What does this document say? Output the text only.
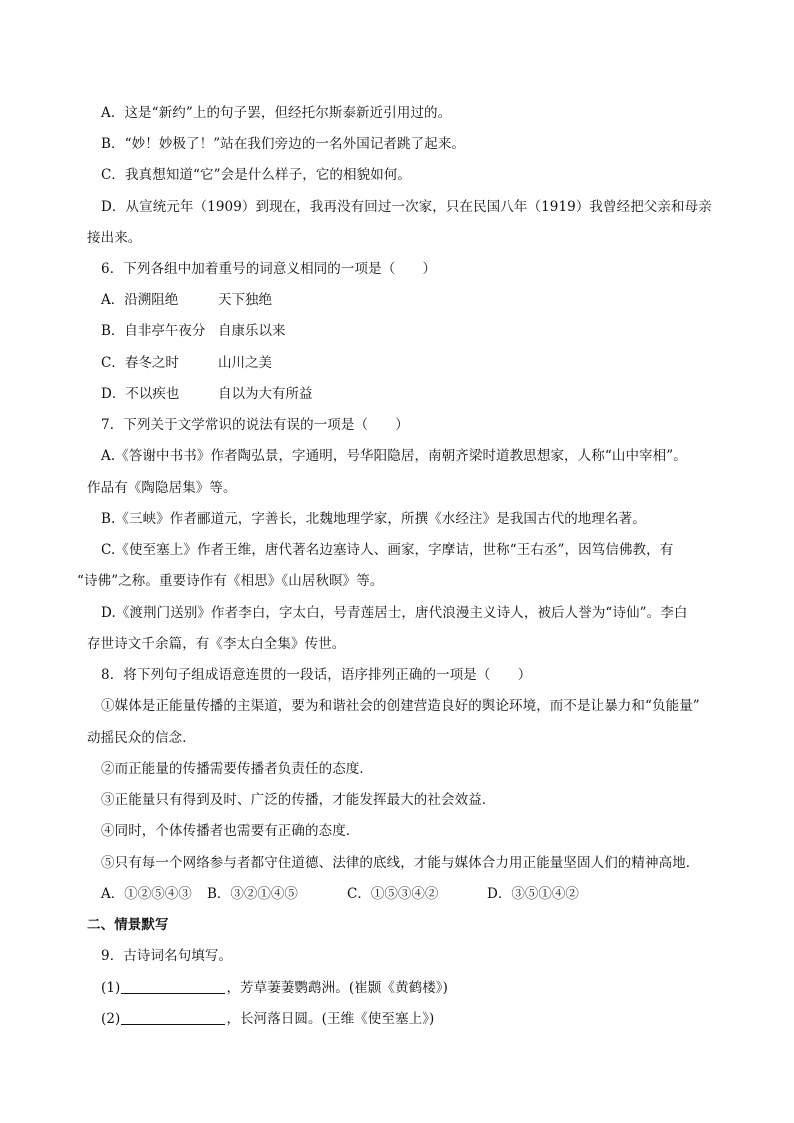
A．这是“新约”上的句子罢，但经托尔斯泰新近引用过的。
B．“妙！妙极了！”站在我们旁边的一名外国记者跳了起来。
C．我真想知道“它”会是什么样子，它的相貌如何。
D．从宣统元年（1909）到现在，我再没有回过一次家，只在民国八年（1919）我曾经把父亲和母亲
接出来。
6．下列各组中加着重号的词意义相同的一项是（　　）
A．沿溯阻绝	天下独绝
B．自非亭午夜分 自康乐以来
C．春冬之时	山川之美
D．不以疾也	自以为大有所益
7．下列关于文学常识的说法有误的一项是（　　）
A.《答谢中书书》作者陶弘景，字通明，号华阳隐居，南朝齐梁时道教思想家，人称“山中宰相”。
作品有《陶隐居集》等。
B.《三峡》作者郦道元，字善长，北魏地理学家，所撰《水经注》是我国古代的地理名著。
C.《使至塞上》作者王维，唐代著名边塞诗人、画家，字摩诘，世称“王右丞”，因笃信佛教，有
“诗佛”之称。重要诗作有《相思》《山居秋暝》等。
D.《渡荆门送别》作者李白，字太白，号青莲居士，唐代浪漫主义诗人，被后人誉为“诗仙”。李白
存世诗文千余篇，有《李太白全集》传世。
8．将下列句子组成语意连贯的一段话，语序排列正确的一项是（　　）
①媒体是正能量传播的主渠道，要为和谐社会的创建营造良好的舆论环境，而不是让暴力和“负能量”
动摇民众的信念．
②而正能量的传播需要传播者负责任的态度．
③正能量只有得到及时、广泛的传播，才能发挥最大的社会效益．
④同时，个体传播者也需要有正确的态度．
⑤只有每一个网络参与者都守住道德、法律的底线，才能与媒体合力用正能量坚固人们的精神高地．
A．①②⑤④③ B．③②①④⑤	C．①⑤③④②	D．③⑤①④②
二、情景默写
9．古诗词名句填写。
(1)	，芳草萋萋鹦鹉洲。(崔颢《黄鹤楼》)
(2)	，长河落日圆。(王维《使至塞上》)
